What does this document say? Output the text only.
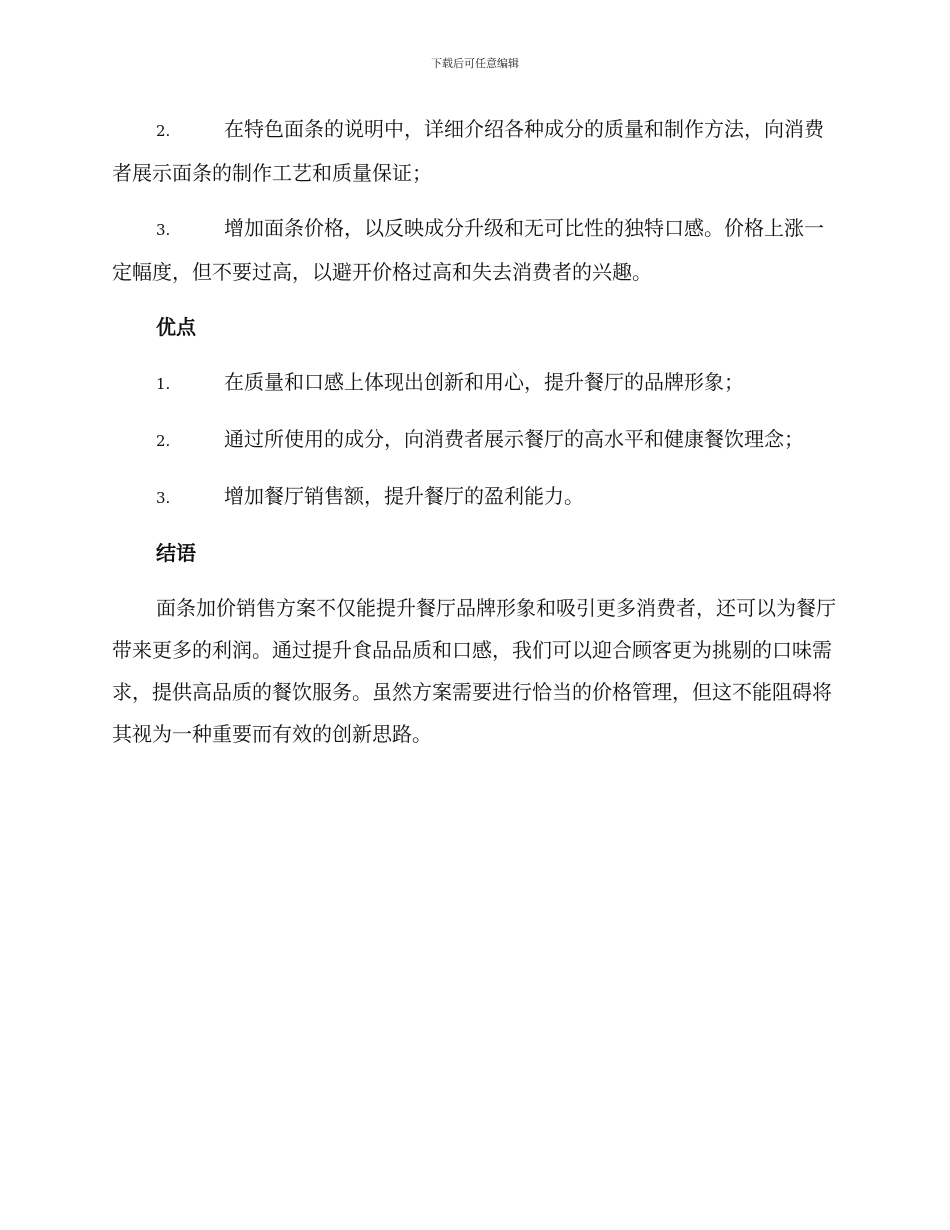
下载后可任意编辑

2.	在特色面条的说明中，详细介绍各种成分的质量和制作方法，向消费者展示面条的制作工艺和质量保证；

3.	增加面条价格，以反映成分升级和无可比性的独特口感。价格上涨一定幅度，但不要过高，以避开价格过高和失去消费者的兴趣。

优点

1.	在质量和口感上体现出创新和用心，提升餐厅的品牌形象；

2.	通过所使用的成分，向消费者展示餐厅的高水平和健康餐饮理念；

3.	增加餐厅销售额，提升餐厅的盈利能力。

结语

面条加价销售方案不仅能提升餐厅品牌形象和吸引更多消费者，还可以为餐厅带来更多的利润。通过提升食品品质和口感，我们可以迎合顾客更为挑剔的口味需求，提供高品质的餐饮服务。虽然方案需要进行恰当的价格管理，但这不能阻碍将其视为一种重要而有效的创新思路。
